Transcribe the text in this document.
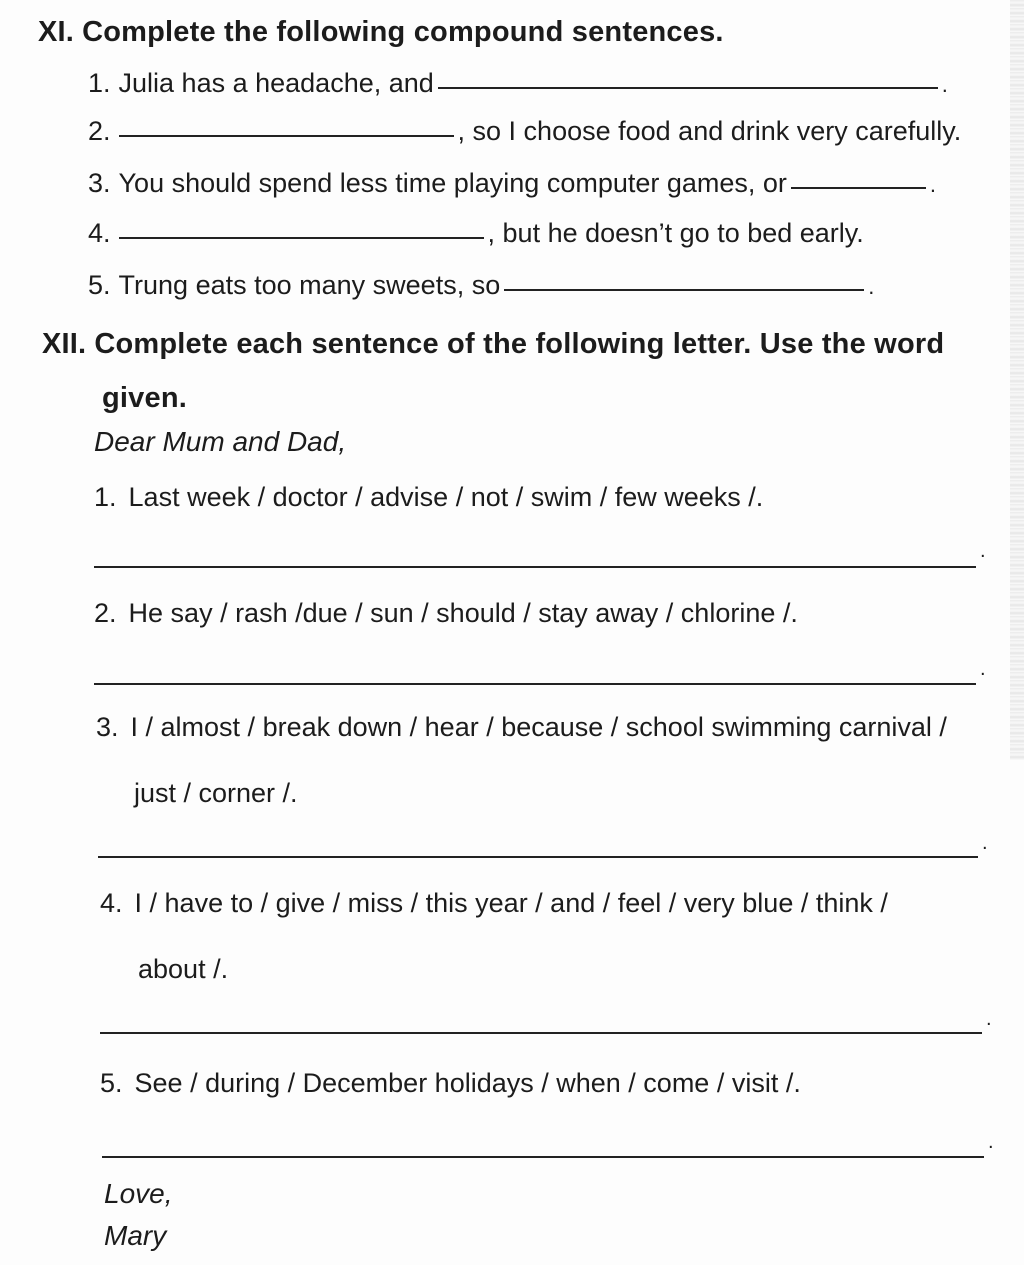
XI. Complete the following compound sentences.
1. Julia has a headache, and	.
2.	, so I choose food and drink very carefully.
3. You should spend less time playing computer games, or	.
4.	, but he doesn’t go to bed early.
5. Trung eats too many sweets, so	.
XII. Complete each sentence of the following letter. Use the word
given.
Dear Mum and Dad,
1. Last week / doctor / advise / not / swim / few weeks /.
.
2. He say / rash /due / sun / should / stay away / chlorine /.
.
3. I / almost / break down / hear / because / school swimming carnival /
just / corner /.
.
4. I / have to / give / miss / this year / and / feel / very blue / think /
about /.
.
5. See / during / December holidays / when / come / visit /.
.
Love,
Mary
